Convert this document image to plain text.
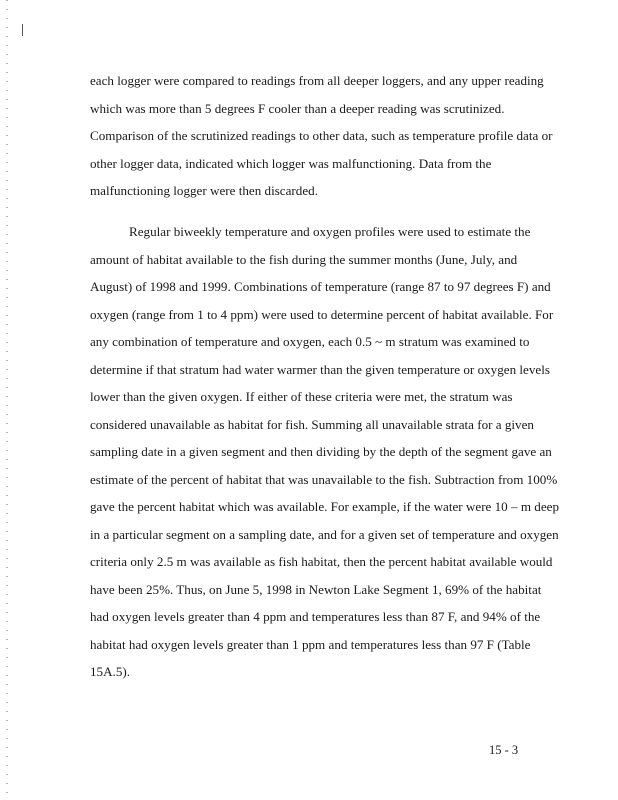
each logger were compared to readings from all deeper loggers, and any upper reading
which was more than 5 degrees F cooler than a deeper reading was scrutinized.
Comparison of the scrutinized readings to other data, such as temperature profile data or
other logger data, indicated which logger was malfunctioning. Data from the
malfunctioning logger were then discarded.

Regular biweekly temperature and oxygen profiles were used to estimate the
amount of habitat available to the fish during the summer months (June, July, and
August) of 1998 and 1999. Combinations of temperature (range 87 to 97 degrees F) and
oxygen (range from 1 to 4 ppm) were used to determine percent of habitat available. For
any combination of temperature and oxygen, each 0.5 ~ m stratum was examined to
determine if that stratum had water warmer than the given temperature or oxygen levels
lower than the given oxygen. If either of these criteria were met, the stratum was
considered unavailable as habitat for fish. Summing all unavailable strata for a given
sampling date in a given segment and then dividing by the depth of the segment gave an
estimate of the percent of habitat that was unavailable to the fish. Subtraction from 100%
gave the percent habitat which was available. For example, if the water were 10 – m deep
in a particular segment on a sampling date, and for a given set of temperature and oxygen
criteria only 2.5 m was available as fish habitat, then the percent habitat available would
have been 25%. Thus, on June 5, 1998 in Newton Lake Segment 1, 69% of the habitat
had oxygen levels greater than 4 ppm and temperatures less than 87 F, and 94% of the
habitat had oxygen levels greater than 1 ppm and temperatures less than 97 F (Table
15A.5).

15 - 3
